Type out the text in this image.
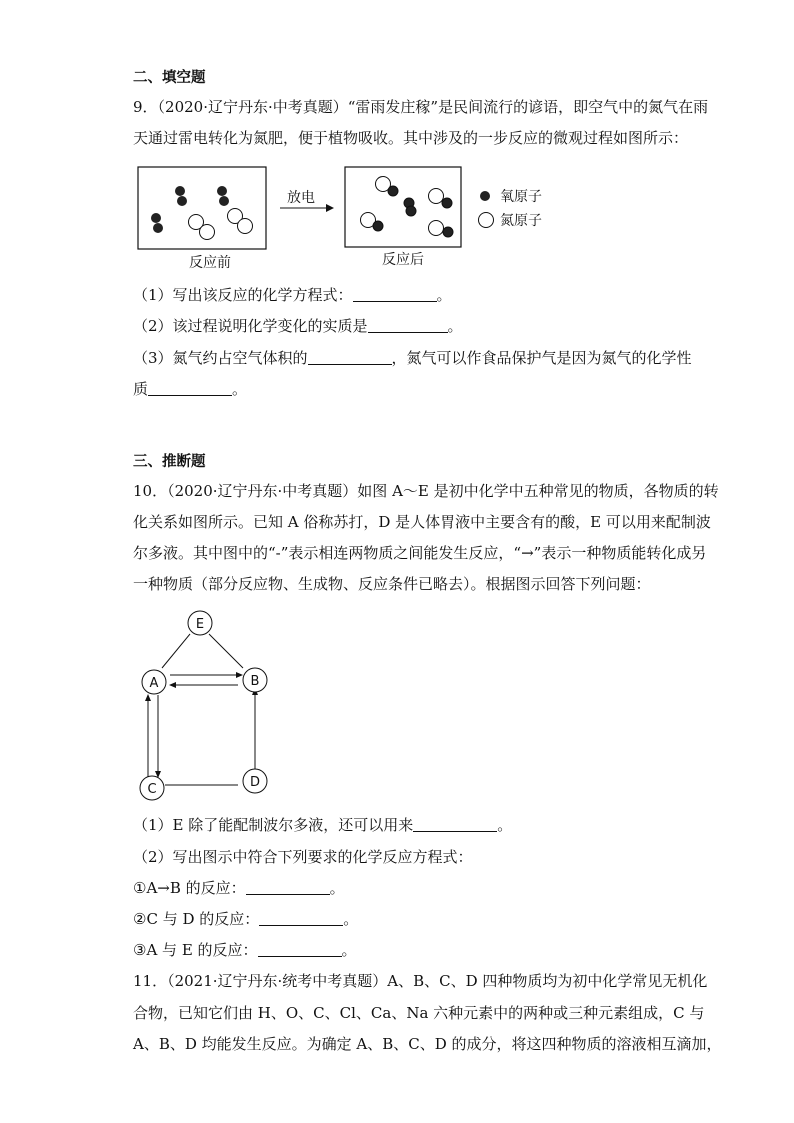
二、填空题
9．（2020·辽宁丹东·中考真题）“雷雨发庄稼”是民间流行的谚语，即空气中的氮气在雨
天通过雷电转化为氮肥，便于植物吸收。其中涉及的一步反应的微观过程如图所示：
反应前
放电
反应后
氧原子
氮原子
（1）写出该反应的化学方程式：	。
（2）该过程说明化学变化的实质是	。
（3）氮气约占空气体积的	，氮气可以作食品保护气是因为氮气的化学性
质	。
三、推断题
10．（2020·辽宁丹东·中考真题）如图 A～E 是初中化学中五种常见的物质，各物质的转
化关系如图所示。已知 A 俗称苏打，D 是人体胃液中主要含有的酸，E 可以用来配制波
尔多液。其中图中的“-”表示相连两物质之间能发生反应，“→”表示一种物质能转化成另
一种物质（部分反应物、生成物、反应条件已略去）。根据图示回答下列问题：
E
A	B
C	D
（1）E 除了能配制波尔多液，还可以用来	。
（2）写出图示中符合下列要求的化学反应方程式：
①A→B 的反应：	。
②C 与 D 的反应：	。
③A 与 E 的反应：	。
11．（2021·辽宁丹东·统考中考真题）A、B、C、D 四种物质均为初中化学常见无机化
合物，已知它们由 H、O、C、Cl、Ca、Na 六种元素中的两种或三种元素组成，C 与
A、B、D 均能发生反应。为确定 A、B、C、D 的成分，将这四种物质的溶液相互滴加，
